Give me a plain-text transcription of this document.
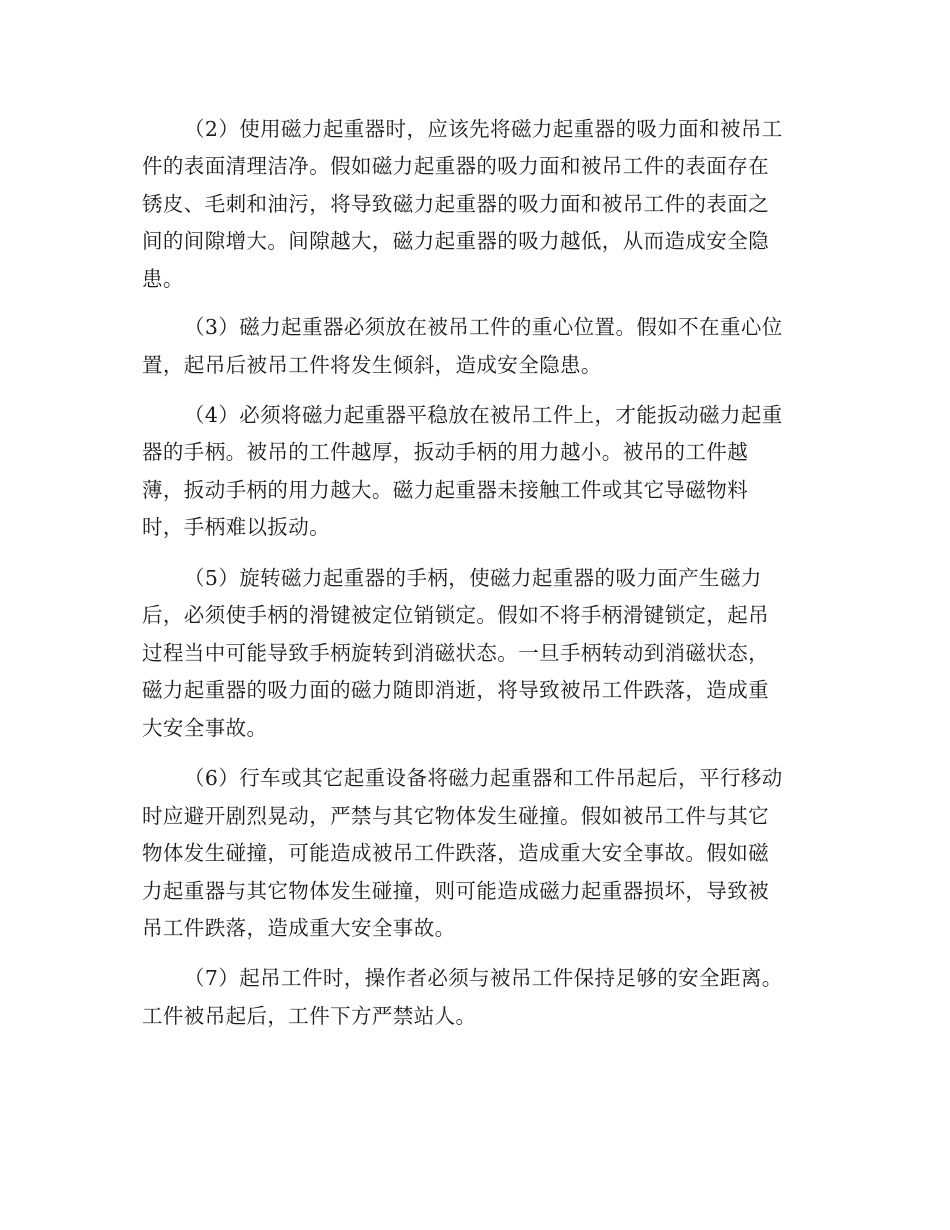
（2）使用磁力起重器时，应该先将磁力起重器的吸力面和被吊工
件的表面清理洁净。假如磁力起重器的吸力面和被吊工件的表面存在
锈皮、毛刺和油污，将导致磁力起重器的吸力面和被吊工件的表面之
间的间隙增大。间隙越大，磁力起重器的吸力越低，从而造成安全隐
患。
（3）磁力起重器必须放在被吊工件的重心位置。假如不在重心位
置，起吊后被吊工件将发生倾斜，造成安全隐患。
（4）必须将磁力起重器平稳放在被吊工件上，才能扳动磁力起重
器的手柄。被吊的工件越厚，扳动手柄的用力越小。被吊的工件越
薄，扳动手柄的用力越大。磁力起重器未接触工件或其它导磁物料
时，手柄难以扳动。
（5）旋转磁力起重器的手柄，使磁力起重器的吸力面产生磁力
后，必须使手柄的滑键被定位销锁定。假如不将手柄滑键锁定，起吊
过程当中可能导致手柄旋转到消磁状态。一旦手柄转动到消磁状态，
磁力起重器的吸力面的磁力随即消逝，将导致被吊工件跌落，造成重
大安全事故。
（6）行车或其它起重设备将磁力起重器和工件吊起后，平行移动
时应避开剧烈晃动，严禁与其它物体发生碰撞。假如被吊工件与其它
物体发生碰撞，可能造成被吊工件跌落，造成重大安全事故。假如磁
力起重器与其它物体发生碰撞，则可能造成磁力起重器损坏，导致被
吊工件跌落，造成重大安全事故。
（7）起吊工件时，操作者必须与被吊工件保持足够的安全距离。
工件被吊起后，工件下方严禁站人。
